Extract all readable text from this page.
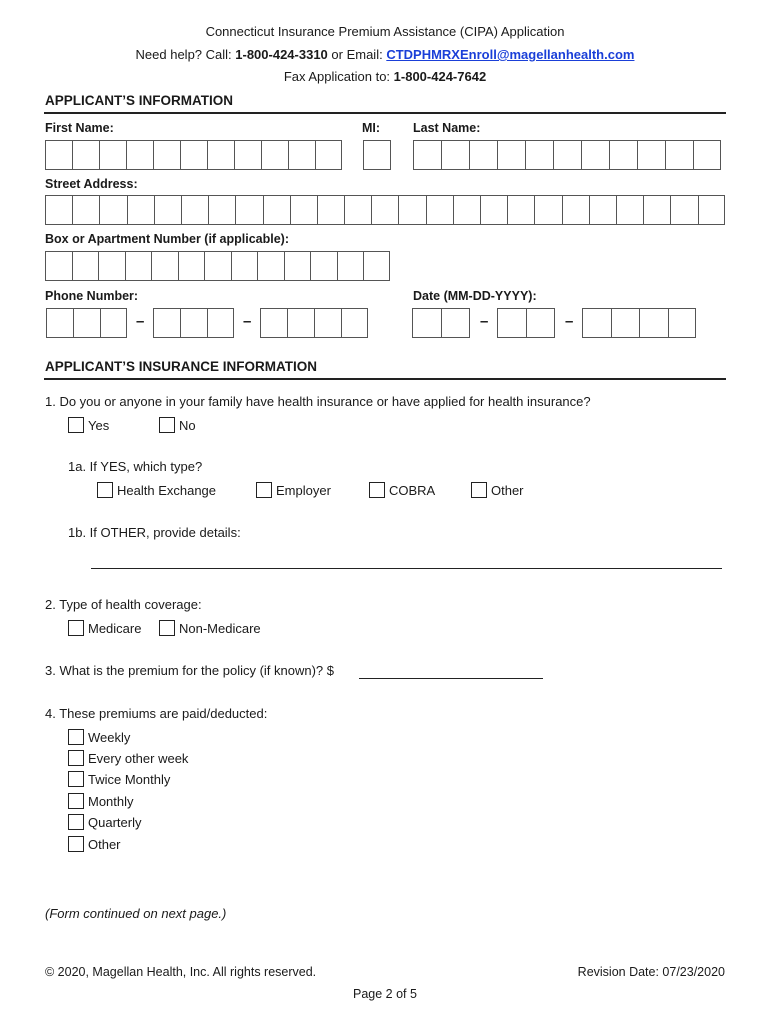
Connecticut Insurance Premium Assistance (CIPA) Application
Need help? Call: 1-800-424-3310 or Email: CTDPHMRXEnroll@magellanhealth.com
Fax Application to: 1-800-424-7642
APPLICANT’S INFORMATION
First Name:	MI:	Last Name:
Street Address:
Box or Apartment Number (if applicable):
Phone Number:	Date (MM-DD-YYYY):
–	–	–	–
APPLICANT’S INSURANCE INFORMATION
1. Do you or anyone in your family have health insurance or have applied for health insurance?
Yes	No
1a. If YES, which type?
Health Exchange	Employer	COBRA	Other
1b. If OTHER, provide details:
2. Type of health coverage:
Medicare	Non-Medicare
3. What is the premium for the policy (if known)? $
4. These premiums are paid/deducted:
Weekly
Every other week
Twice Monthly
Monthly
Quarterly
Other
(Form continued on next page.)
© 2020, Magellan Health, Inc. All rights reserved.	Revision Date: 07/23/2020
Page 2 of 5
